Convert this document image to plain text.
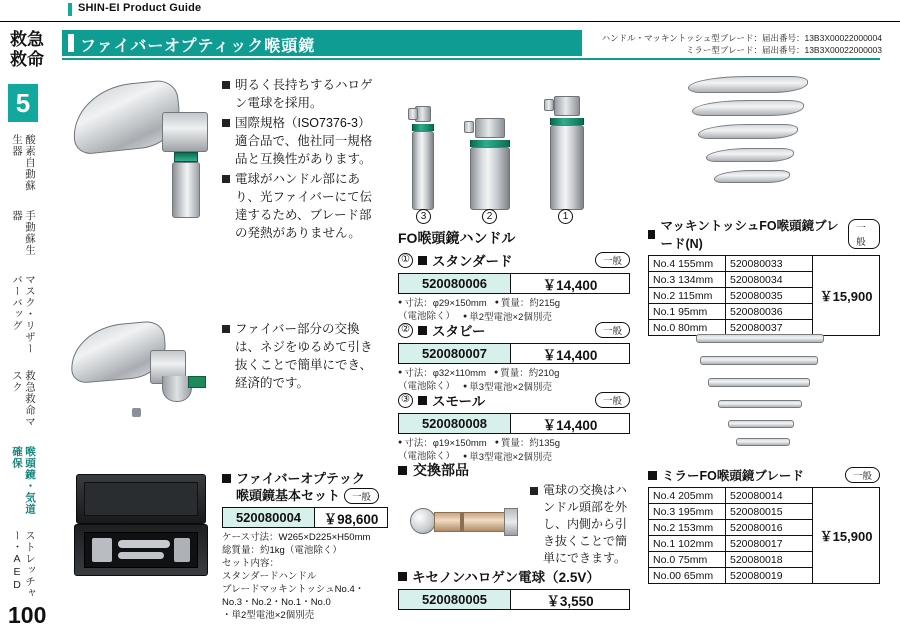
SHIN-EI Product Guide
救急救命
5
酸素自動蘇生器
手動蘇生器
マスク・リザーバーバッグ
救急救命マスク
喉頭鏡・気道確保
ストレッチャー・AED
100
ファイバーオプティック喉頭鏡	ハンドル・マッキントッシュ型ブレード：届出番号：13B3X00022000004
ミラー型ブレード：届出番号：13B3X00022000003
明るく長持ちするハロゲン電球を採用。
国際規格（ISO7376-3）適合品で、他社同一規格品と互換性があります。
電球がハンドル部にあり、光ファイバーにて伝達するため、ブレード部の発熱がありません。
3	2	1
FO喉頭鏡ハンドル
① スタンダード	一般
520080006	￥14,400
● 寸法：φ29×150mm	● 質量：約215g
（電池除く）	● 単2型電池×2個別売
② スタビー	一般
520080007	￥14,400
● 寸法：φ32×110mm	● 質量：約210g
（電池除く）	● 単3型電池×2個別売
③ スモール	一般
520080008	￥14,400
● 寸法：φ19×150mm	● 質量：約135g
（電池除く）	● 単3型電池×2個別売
ファイバー部分の交換は、ネジをゆるめて引き抜くことで簡単にでき、経済的です。
ファイバーオプテック
喉頭鏡基本セット	一般
520080004	￥98,600
ケース寸法：W265×D225×H50mm
総質量：約1kg（電池除く）
セット内容：
スタンダードハンドル
ブレードマッキントッシュNo.4・
No.3・No.2・No.1・No.0
・単2型電池×2個別売
交換部品
電球の交換はハンドル頭部を外し、内側から引き抜くことで簡単にできます。
キセノンハロゲン電球（2.5V）
520080005	￥3,550
マッキントッシュFO喉頭鏡ブレード(N)
一般
No.4 155mm	520080033	￥15,900
No.3 134mm	520080034	
No.2 115mm	520080035	
No.1 95mm	520080036	
No.0 80mm	520080037	
ミラーFO喉頭鏡ブレード	一般
No.4 205mm	520080014	￥15,900
No.3 195mm	520080015	
No.2 153mm	520080016	
No.1 102mm	520080017	
No.0 75mm	520080018	
No.00 65mm	520080019	
